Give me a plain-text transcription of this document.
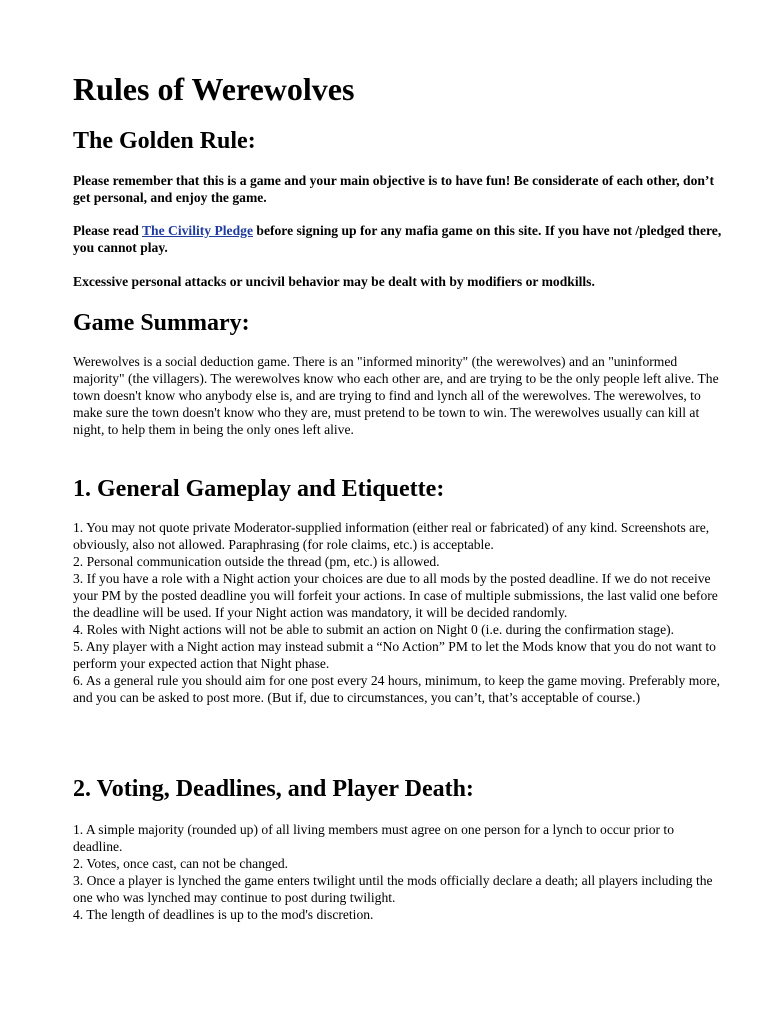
Rules of Werewolves
The Golden Rule:

Please remember that this is a game and your main objective is to have fun! Be considerate of each other, don’t get personal, and enjoy the game.

Please read The Civility Pledge before signing up for any mafia game on this site. If you have not /pledged there, you cannot play.

Excessive personal attacks or uncivil behavior may be dealt with by modifiers or modkills.

Game Summary:

Werewolves is a social deduction game. There is an "informed minority" (the werewolves) and an "uninformed majority" (the villagers). The werewolves know who each other are, and are trying to be the only people left alive. The town doesn't know who anybody else is, and are trying to find and lynch all of the werewolves. The werewolves, to make sure the town doesn't know who they are, must pretend to be town to win. The werewolves usually can kill at night, to help them in being the only ones left alive.

1. General Gameplay and Etiquette:

1. You may not quote private Moderator-supplied information (either real or fabricated) of any kind. Screenshots are, obviously, also not allowed. Paraphrasing (for role claims, etc.) is acceptable.

2. Personal communication outside the thread (pm, etc.) is allowed.

3. If you have a role with a Night action your choices are due to all mods by the posted deadline. If we do not receive your PM by the posted deadline you will forfeit your actions. In case of multiple submissions, the last valid one before the deadline will be used. If your Night action was mandatory, it will be decided randomly.

4. Roles with Night actions will not be able to submit an action on Night 0 (i.e. during the confirmation stage).

5. Any player with a Night action may instead submit a “No Action” PM to let the Mods know that you do not want to perform your expected action that Night phase.

6. As a general rule you should aim for one post every 24 hours, minimum, to keep the game moving. Preferably more, and you can be asked to post more. (But if, due to circumstances, you can’t, that’s acceptable of course.)

2. Voting, Deadlines, and Player Death:

1. A simple majority (rounded up) of all living members must agree on one person for a lynch to occur prior to deadline.

2. Votes, once cast, can not be changed.

3. Once a player is lynched the game enters twilight until the mods officially declare a death; all players including the one who was lynched may continue to post during twilight.

4. The length of deadlines is up to the mod's discretion.
